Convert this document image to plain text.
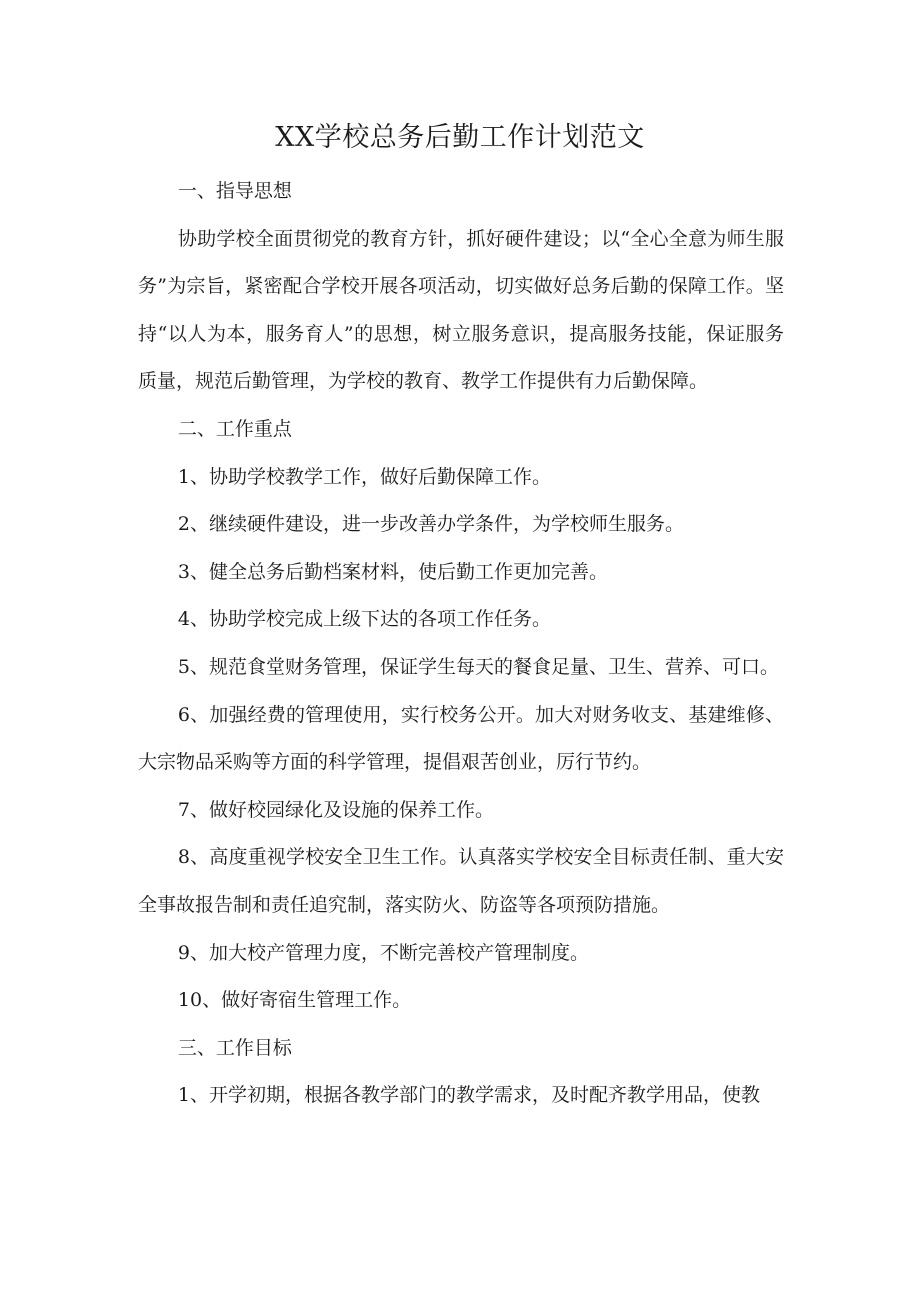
XX学校总务后勤工作计划范文

一、指导思想

协助学校全面贯彻党的教育方针，抓好硬件建设；以“全心全意为师生服务”为宗旨，紧密配合学校开展各项活动，切实做好总务后勤的保障工作。坚持“以人为本，服务育人”的思想，树立服务意识，提高服务技能，保证服务质量，规范后勤管理，为学校的教育、教学工作提供有力后勤保障。

二、工作重点

1、协助学校教学工作，做好后勤保障工作。

2、继续硬件建设，进一步改善办学条件，为学校师生服务。

3、健全总务后勤档案材料，使后勤工作更加完善。

4、协助学校完成上级下达的各项工作任务。

5、规范食堂财务管理，保证学生每天的餐食足量、卫生、营养、可口。

6、加强经费的管理使用，实行校务公开。加大对财务收支、基建维修、大宗物品采购等方面的科学管理，提倡艰苦创业，厉行节约。

7、做好校园绿化及设施的保养工作。

8、高度重视学校安全卫生工作。认真落实学校安全目标责任制、重大安全事故报告制和责任追究制，落实防火、防盗等各项预防措施。

9、加大校产管理力度，不断完善校产管理制度。

10、做好寄宿生管理工作。

三、工作目标

1、开学初期，根据各教学部门的教学需求，及时配齐教学用品，使教
